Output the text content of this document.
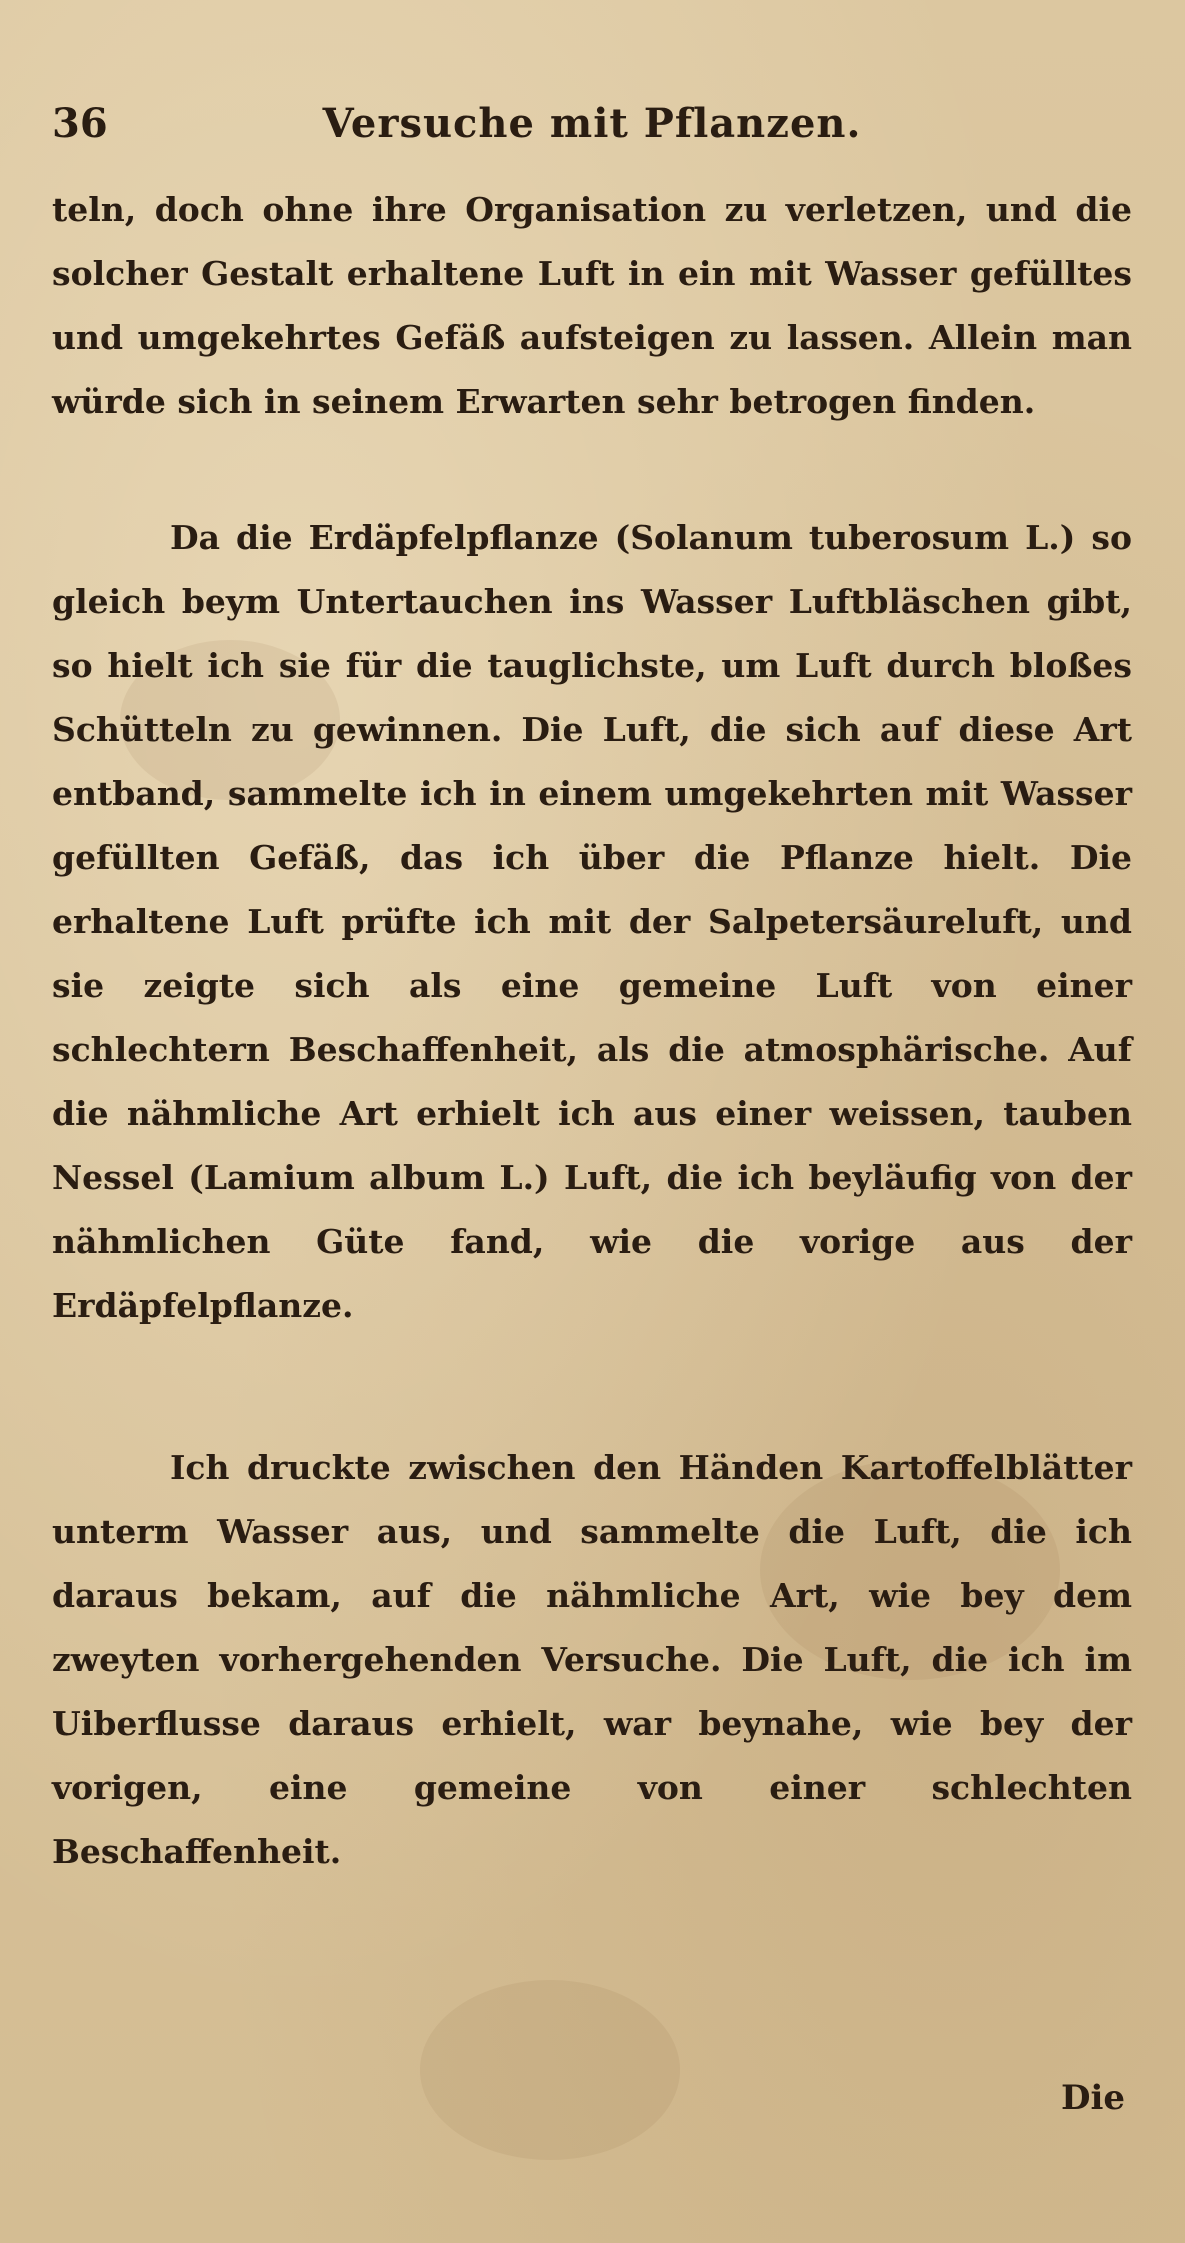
Versuche mit Pflanzen.
36

teln, doch ohne ihre Organisation zu verletzen, und die solcher Gestalt erhaltene Luft in ein mit Wasser gefülltes und umgekehrtes Gefäß aufsteigen zu lassen. Allein man würde sich in seinem Erwarten sehr betrogen finden.

Da die Erdäpfelpflanze (Solanum tuberosum L.) so gleich beym Untertauchen ins Wasser Luftbläschen gibt, so hielt ich sie für die tauglichste, um Luft durch bloßes Schütteln zu gewinnen. Die Luft, die sich auf diese Art entband, sammelte ich in einem umgekehrten mit Wasser gefüllten Gefäß, das ich über die Pflanze hielt. Die erhaltene Luft prüfte ich mit der Salpetersäureluft, und sie zeigte sich als eine gemeine Luft von einer schlechtern Beschaffenheit, als die atmosphärische. Auf die nähmliche Art erhielt ich aus einer weissen, tauben Nessel (Lamium album L.) Luft, die ich beyläufig von der nähmlichen Güte fand, wie die vorige aus der Erdäpfelpflanze.

Ich druckte zwischen den Händen Kartoffelblätter unterm Wasser aus, und sammelte die Luft, die ich daraus bekam, auf die nähmliche Art, wie bey dem zweyten vorhergehenden Versuche. Die Luft, die ich im Uiberflusse daraus erhielt, war beynahe, wie bey der vorigen, eine gemeine von einer schlechten Beschaffenheit.

Die
